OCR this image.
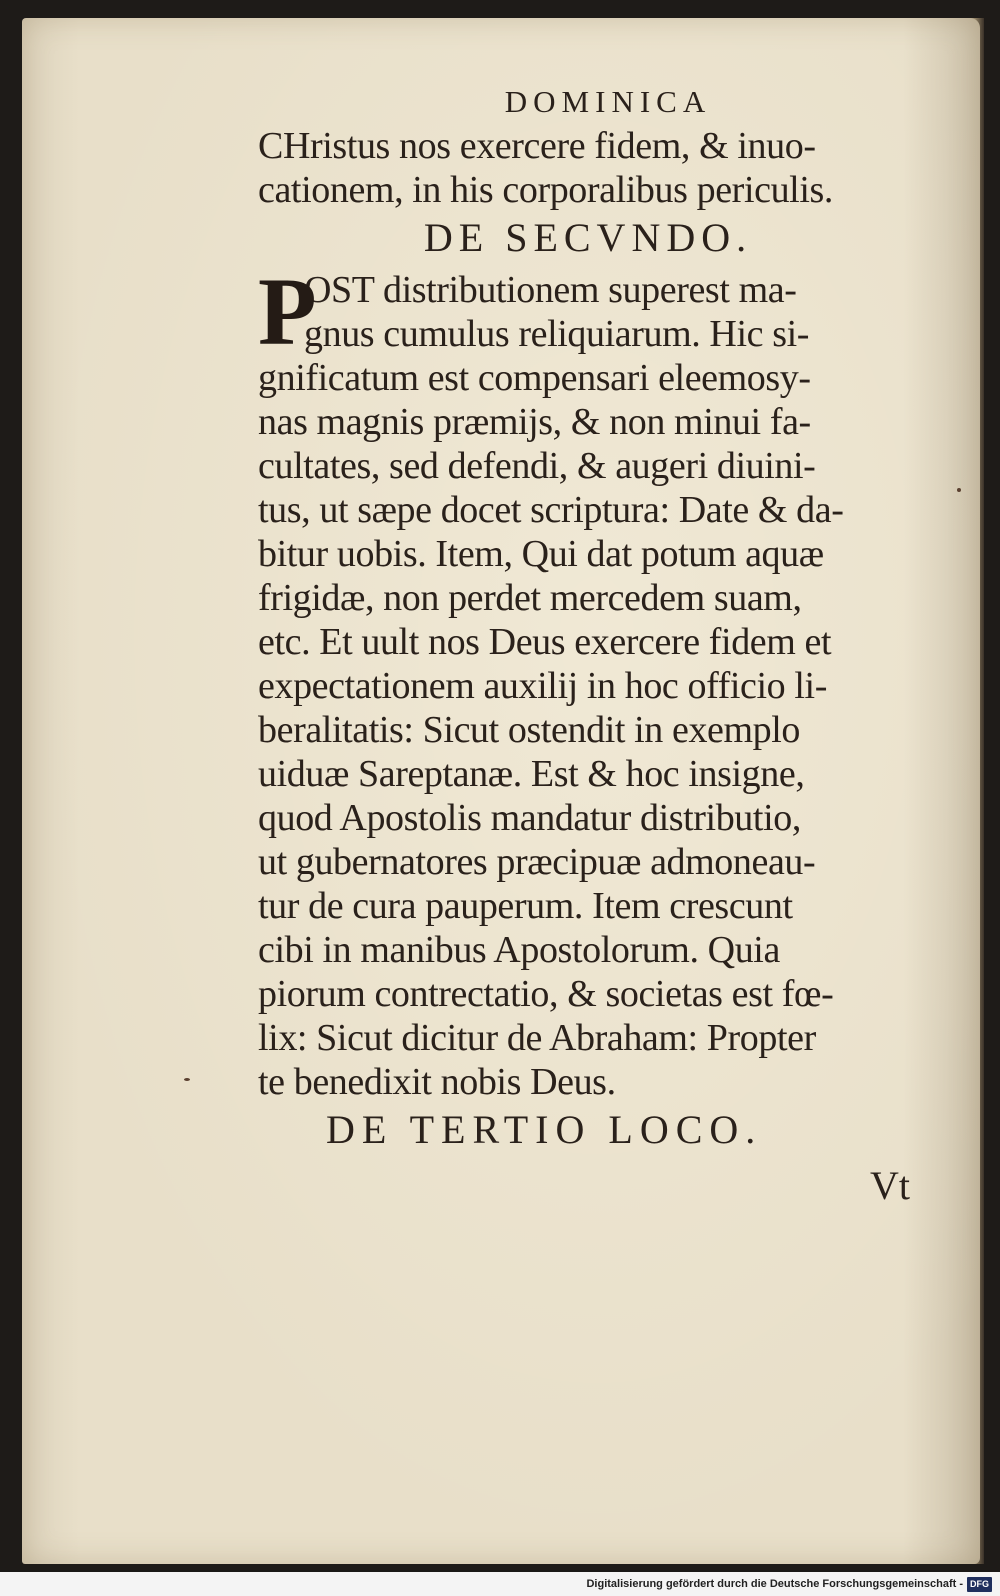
DOMINICA
CHristus nos exercere fidem, & inuo-
cationem, in his corporalibus periculis.
DE SECVNDO.
P
OST distributionem superest ma-
gnus cumulus reliquiarum. Hic si-
gnificatum est compensari eleemosy-
nas magnis præmijs, & non minui fa-
cultates, sed defendi, & augeri diuini-
tus, ut sæpe docet scriptura: Date & da-
bitur uobis. Item, Qui dat potum aquæ
frigidæ, non perdet mercedem suam,
etc. Et uult nos Deus exercere fidem et
expectationem auxilij in hoc officio li-
beralitatis: Sicut ostendit in exemplo
uiduæ Sareptanæ. Est & hoc insigne,
quod Apostolis mandatur distributio,
ut gubernatores præcipuæ admoneau-
tur de cura pauperum. Item crescunt
cibi in manibus Apostolorum. Quia
piorum contrectatio, & societas est fœ-
lix: Sicut dicitur de Abraham: Propter
te benedixit nobis Deus.
DE TERTIO LOCO.
Vt
Digitalisierung gefördert durch die Deutsche Forschungsgemeinschaft - DFG
